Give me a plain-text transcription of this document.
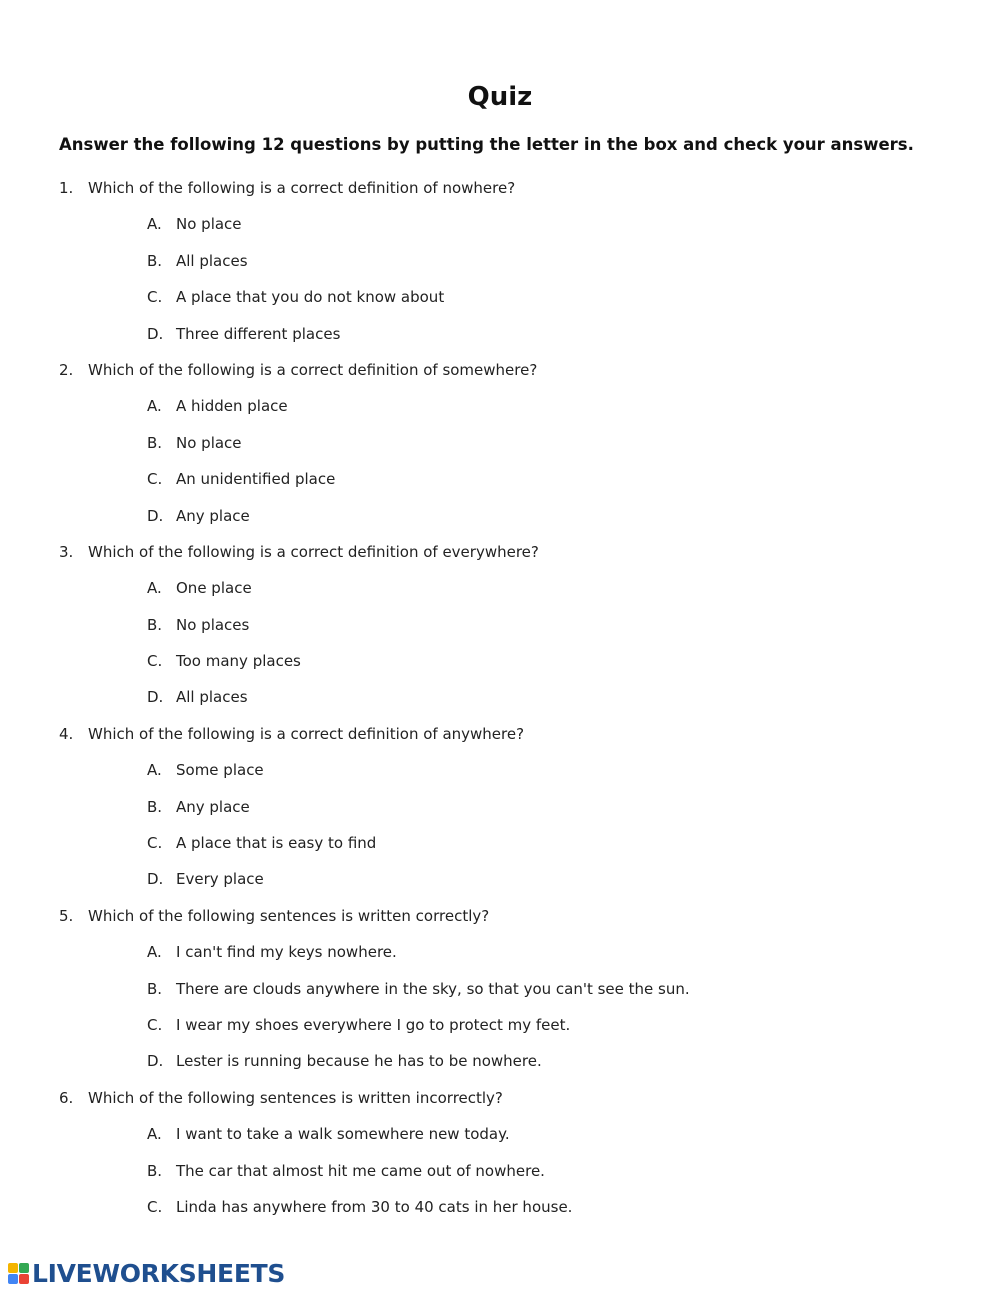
Quiz

Answer the following 12 questions by putting the letter in the box and check your answers.

1. Which of the following is a correct definition of nowhere?
A. No place
B. All places
C. A place that you do not know about
D. Three different places
2. Which of the following is a correct definition of somewhere?
A. A hidden place
B. No place
C. An unidentified place
D. Any place
3. Which of the following is a correct definition of everywhere?
A. One place
B. No places
C. Too many places
D. All places
4. Which of the following is a correct definition of anywhere?
A. Some place
B. Any place
C. A place that is easy to find
D. Every place
5. Which of the following sentences is written correctly?
A. I can't find my keys nowhere.
B. There are clouds anywhere in the sky, so that you can't see the sun.
C. I wear my shoes everywhere I go to protect my feet.
D. Lester is running because he has to be nowhere.
6. Which of the following sentences is written incorrectly?
A. I want to take a walk somewhere new today.
B. The car that almost hit me came out of nowhere.
C. Linda has anywhere from 30 to 40 cats in her house.
LIVEWORKSHEETS
